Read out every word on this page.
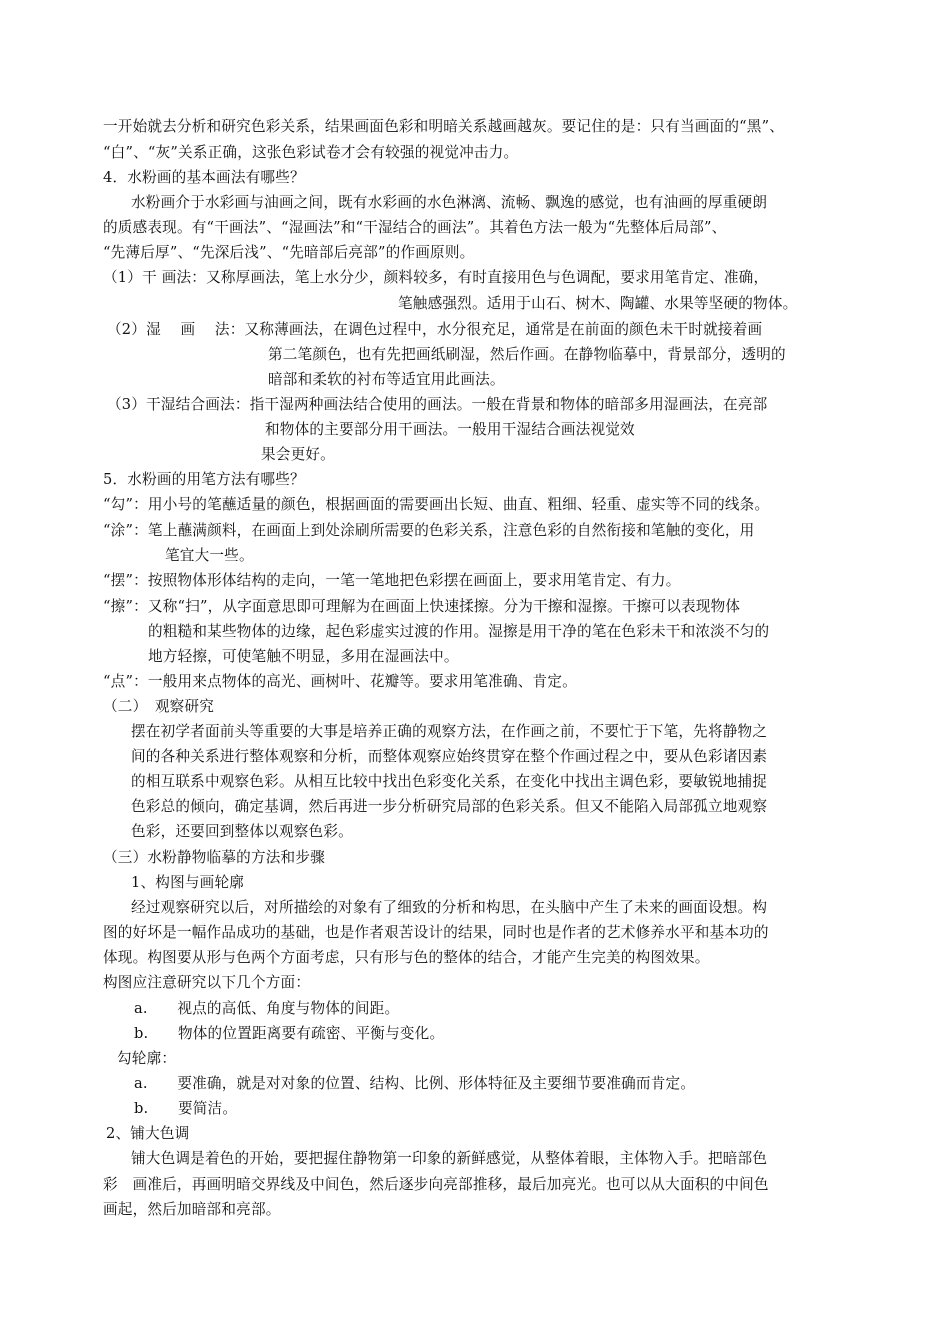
一开始就去分析和研究色彩关系，结果画面色彩和明暗关系越画越灰。要记住的是：只有当画面的“黑”、
“白”、“灰”关系正确，这张色彩试卷才会有较强的视觉冲击力。
4．水粉画的基本画法有哪些？
水粉画介于水彩画与油画之间，既有水彩画的水色淋漓、流畅、飘逸的感觉，也有油画的厚重硬朗
的质感表现。有“干画法”、“湿画法”和“干湿结合的画法”。其着色方法一般为“先整体后局部”、
“先薄后厚”、“先深后浅”、“先暗部后亮部”的作画原则。
（1）干 画法：又称厚画法，笔上水分少，颜料较多，有时直接用色与色调配，要求用笔肯定、准确，
笔触感强烈。适用于山石、树木、陶罐、水果等坚硬的物体。
（2）湿　 画　 法：又称薄画法，在调色过程中，水分很充足，通常是在前面的颜色未干时就接着画
第二笔颜色，也有先把画纸刷湿，然后作画。在静物临摹中，背景部分，透明的
暗部和柔软的衬布等适宜用此画法。
（3）干湿结合画法：指干湿两种画法结合使用的画法。一般在背景和物体的暗部多用湿画法，在亮部
和物体的主要部分用干画法。一般用干湿结合画法视觉效
果会更好。
5．水粉画的用笔方法有哪些？
“勾”：用小号的笔蘸适量的颜色，根据画面的需要画出长短、曲直、粗细、轻重、虚实等不同的线条。
“涂”：笔上蘸满颜料，在画面上到处涂刷所需要的色彩关系，注意色彩的自然衔接和笔触的变化，用
笔宜大一些。
“摆”：按照物体形体结构的走向，一笔一笔地把色彩摆在画面上，要求用笔肯定、有力。
“擦”：又称“扫”，从字面意思即可理解为在画面上快速揉擦。分为干擦和湿擦。干擦可以表现物体
的粗糙和某些物体的边缘，起色彩虚实过渡的作用。湿擦是用干净的笔在色彩未干和浓淡不匀的
地方轻擦，可使笔触不明显，多用在湿画法中。
“点”：一般用来点物体的高光、画树叶、花瓣等。要求用笔准确、肯定。
（二）　观察研究
摆在初学者面前头等重要的大事是培养正确的观察方法，在作画之前，不要忙于下笔，先将静物之
间的各种关系进行整体观察和分析，而整体观察应始终贯穿在整个作画过程之中，要从色彩诸因素
的相互联系中观察色彩。从相互比较中找出色彩变化关系，在变化中找出主调色彩，要敏锐地捕捉
色彩总的倾向，确定基调，然后再进一步分析研究局部的色彩关系。但又不能陷入局部孤立地观察
色彩，还要回到整体以观察色彩。
（三）水粉静物临摹的方法和步骤
1、构图与画轮廓
经过观察研究以后，对所描绘的对象有了细致的分析和构思，在头脑中产生了未来的画面设想。构
图的好坏是一幅作品成功的基础，也是作者艰苦设计的结果，同时也是作者的艺术修养水平和基本功的
体现。构图要从形与色两个方面考虑，只有形与色的整体的结合，才能产生完美的构图效果。
构图应注意研究以下几个方面：
a.　　视点的高低、角度与物体的间距。
b.　　物体的位置距离要有疏密、平衡与变化。
勾轮廓：
a.　　要准确，就是对对象的位置、结构、比例、形体特征及主要细节要准确而肯定。
b.　　要简洁。
2、铺大色调
铺大色调是着色的开始，要把握住静物第一印象的新鲜感觉，从整体着眼，主体物入手。把暗部色
彩　画准后，再画明暗交界线及中间色，然后逐步向亮部推移，最后加亮光。也可以从大面积的中间色
画起，然后加暗部和亮部。
